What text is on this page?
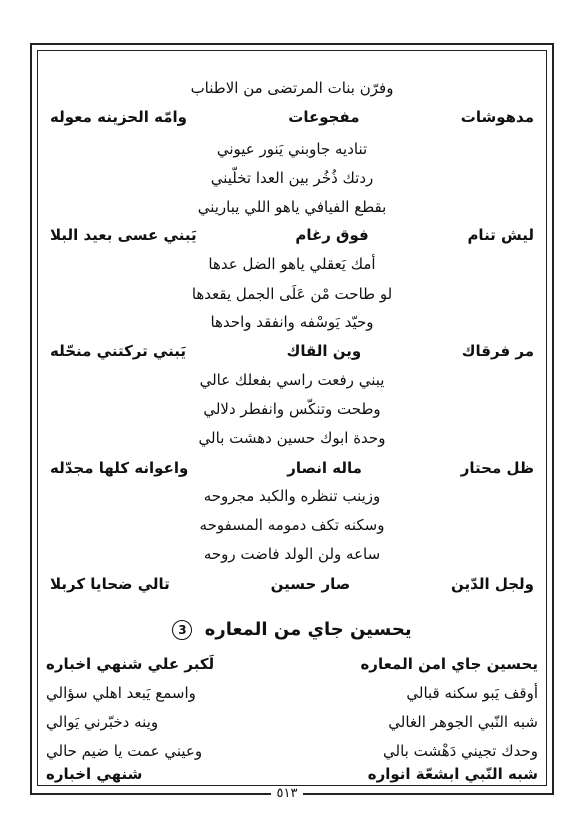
وفرّن بنات المرتضى من الاطناب
مدهوشات
مفجوعات
وامّه الحزينه معوله
تناديه جاوبني يَنور عيوني
ردتك ذُخُر بين العدا تخلّيني
بقطع الفيافي ياهو اللي يباريني
ليش تنام
فوق رغام
يَبني عسى بعيد البلا
أمك يَعقلي ياهو الضل عدها
لو طاحت مْن عَلَى الجمل يقعدها
وحيّد يَوسْفه وانفقد واحدها
مر فرقاك
وين القاك
يَبني تركتني منحّله
يبني رفعت راسي بفعلك عالي
وطحت وتنكّس وانفطر دلالي
وحدة ابوك حسين دهشت بالي
ظل محتار
ماله انصار
واعوانه كلها مجدّله
وزينب تنظره والكبد مجروحه
وسكنه تكف دمومه المسفوحه
ساعه ولن الولد فاضت روحه
ولجل الدّين
صار حسين
تالي ضحايا كربلا
يحسين جاي من المعاره 3
يحسين جاي امن المعاره
لَكبر علي شنهي اخباره
أوقف يَبو سكنه قبالي
واسمع يَبعد اهلي سؤالي
شبه النّبي الجوهر الغالي
وينه دخبّرني يَوالي
وحدك تجيني دَهْشت بالي
وعيني عمت يا ضيم حالي
شبه النّبي ابشعّة انواره
شنهي اخباره
٥١٣
